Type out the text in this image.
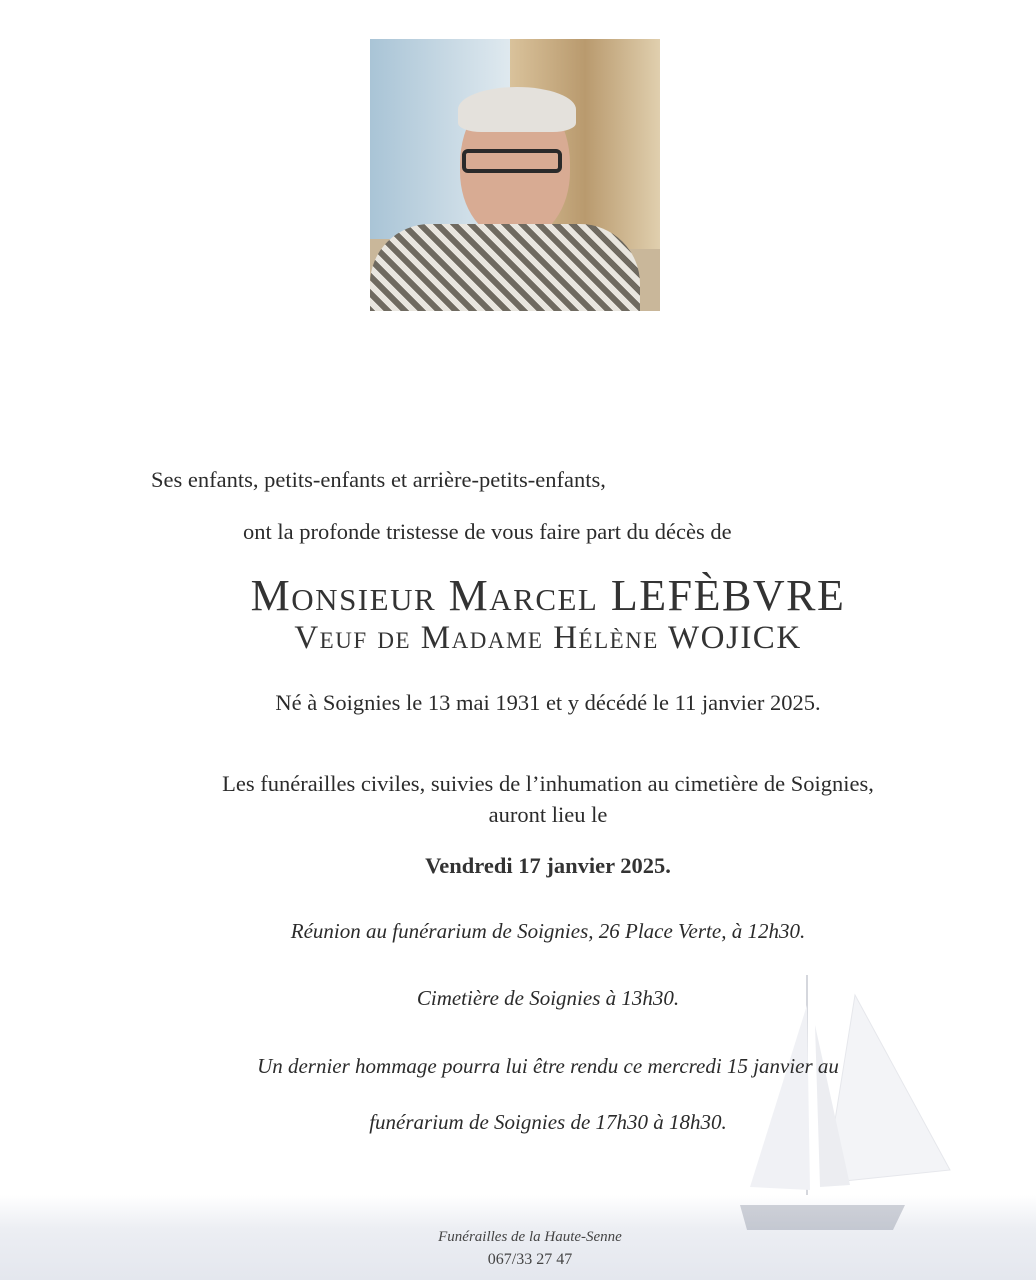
Ses enfants, petits-enfants et arrière-petits-enfants,
ont la profonde tristesse de vous faire part du décès de
Monsieur Marcel LEFÈBVRE
Veuf de Madame Hélène WOJICK
Né à Soignies le 13 mai 1931 et y décédé le 11 janvier 2025.
Les funérailles civiles, suivies de l’inhumation au cimetière de Soignies,
auront lieu le
Vendredi 17 janvier 2025.
Réunion au funérarium de Soignies, 26 Place Verte, à 12h30.
Cimetière de Soignies à 13h30.
Un dernier hommage pourra lui être rendu ce mercredi 15 janvier au
funérarium de Soignies de 17h30 à 18h30.
Funérailles de la Haute-Senne
067/33 27 47
